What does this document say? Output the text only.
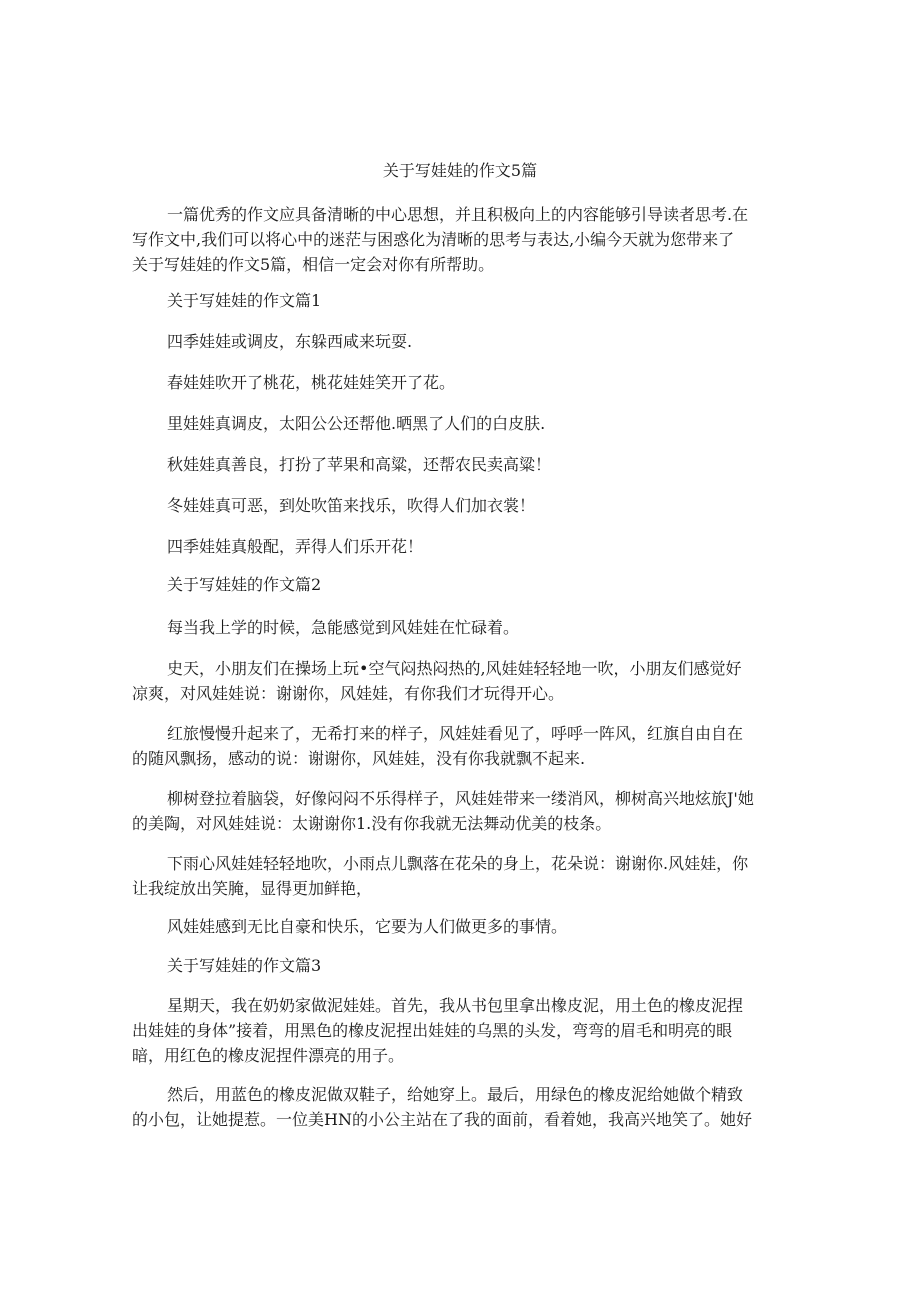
关于写娃娃的作文5篇

一篇优秀的作文应具备清晰的中心思想，并且积极向上的内容能够引导读者思考.在
写作文中,我们可以将心中的迷茫与困惑化为清晰的思考与表达,小编今天就为您带来了
关于写娃娃的作文5篇，相信一定会对你有所帮助。

关于写娃娃的作文篇1

四季娃娃或调皮，东躲西咸来玩耍.

春娃娃吹开了桃花，桃花娃娃笑开了花。

里娃娃真调皮，太阳公公还帮他.晒黑了人们的白皮肤.

秋娃娃真善良，打扮了苹果和高粱，还帮农民卖高粱！

冬娃娃真可恶，到处吹笛来找乐，吹得人们加衣裳！

四季娃娃真般配，弄得人们乐开花！

关于写娃娃的作文篇2

每当我上学的时候，急能感觉到风娃娃在忙碌着。

史天，小朋友们在操场上玩•空气闷热闷热的,风娃娃轻轻地一吹，小朋友们感觉好
凉爽，对风娃娃说：谢谢你，风娃娃，有你我们才玩得开心。

红旅慢慢升起来了，无希打来的样子，风娃娃看见了，呼呼一阵风，红旗自由自在
的随风飘扬，感动的说：谢谢你，风娃娃，没有你我就飘不起来.

柳树登拉着脑袋，好像闷闷不乐得样子，风娃娃带来一缕消风，柳树高兴地炫旅J'她
的美陶，对风娃娃说：太谢谢你1.没有你我就无法舞动优美的枝条。

下雨心风娃娃轻轻地吹，小雨点儿飘落在花朵的身上，花朵说：谢谢你.风娃娃，你
让我绽放出笑腌，显得更加鲜艳，

风娃娃感到无比自豪和快乐，它要为人们做更多的事情。

关于写娃娃的作文篇3

星期天，我在奶奶家做泥娃娃。首先，我从书包里拿出橡皮泥，用土色的橡皮泥捏
出娃娃的身体”接着，用黑色的橡皮泥捏出娃娃的乌黑的头发，弯弯的眉毛和明亮的眼
暗，用红色的橡皮泥捏件漂亮的用子。

然后，用蓝色的橡皮泥做双鞋子，给她穿上。最后，用绿色的橡皮泥给她做个精致
的小包，让她提惹。一位美HN的小公主站在了我的面前，看着她，我高兴地笑了。她好
